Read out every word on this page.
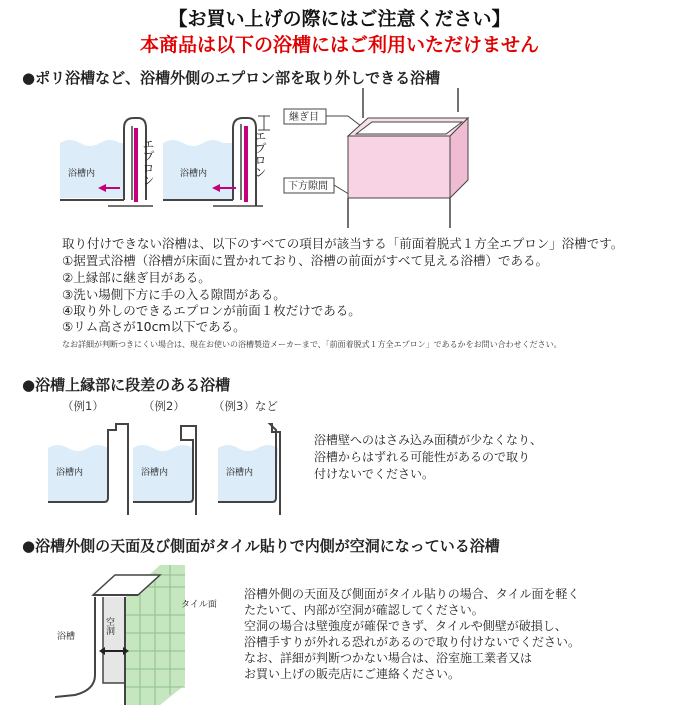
【お買い上げの際にはご注意ください】
本商品は以下の浴槽にはご利用いただけません
●ポリ浴槽など、浴槽外側のエプロン部を取り外しできる浴槽
浴槽内	エプロン	浴槽内	エプロン
継ぎ目
下方隙間
取り付けできない浴槽は、以下のすべての項目が該当する「前面着脱式１方全エプロン」浴槽です。
①据置式浴槽（浴槽が床面に置かれており、浴槽の前面がすべて見える浴槽）である。
②上縁部に継ぎ目がある。
③洗い場側下方に手の入る隙間がある。
④取り外しのできるエプロンが前面１枚だけである。
⑤リム高さが10cm以下である。
なお詳細が判断つきにくい場合は、現在お使いの浴槽製造メーカーまで、「前面着脱式１方全エプロン」であるかをお問い合わせください。
●浴槽上縁部に段差のある浴槽
（例1）	（例2） （例3）など
浴槽内	浴槽内	浴槽内
浴槽壁へのはさみ込み面積が少なくなり、
浴槽からはずれる可能性があるので取り
付けないでください。
●浴槽外側の天面及び側面がタイル貼りで内側が空洞になっている浴槽
空洞
浴槽
タイル面
浴槽外側の天面及び側面がタイル貼りの場合、タイル面を軽く
たたいて、内部が空洞が確認してください。
空洞の場合は壁強度が確保できず、タイルや側壁が破損し、
浴槽手すりが外れる恐れがあるので取り付けないでください。
なお、詳細が判断つかない場合は、浴室施工業者又は
お買い上げの販売店にご連絡ください。
